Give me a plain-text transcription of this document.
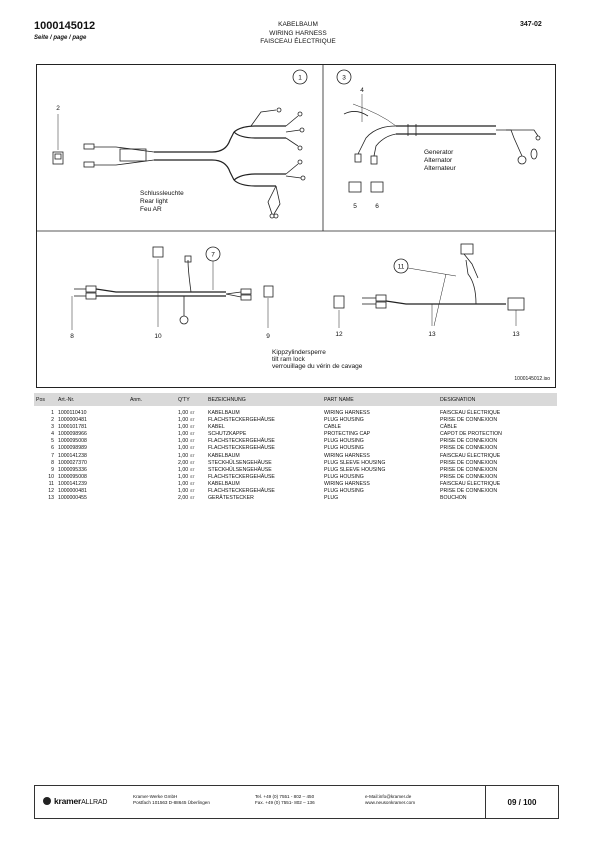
1000145012
Seite / page / page
KABELBAUM
WIRING HARNESS
FAISCEAU ÉLECTRIQUE
347-02
1
2
3
4
5	6
7
8	9
10
11
12	13	13
Schlussleuchte
Rear light
Feu AR
Generator
Alternator
Alternateur
Kippzylindersperre
tilt ram lock
verrouillage du vérin de cavage
1000145012.iso
Pos	Art.-Nr.	Anm.	Q'TY	BEZEICHNUNG	PART NAME	DESIGNATION

1	1000110410		1,00 ST	KABELBAUM	WIRING HARNESS	FAISCEAU ÉLECTRIQUE
2	1000000481		1,00 ST	FLACHSTECKERGEHÄUSE	PLUG HOUSING	PRISE DE CONNEXION
3	1000101781		1,00 ST	KABEL	CABLE	CÂBLE
4	1000098966		1,00 ST	SCHUTZKAPPE	PROTECTING CAP	CAPOT DE PROTECTION
5	1000095008		1,00 ST	FLACHSTECKERGEHÄUSE	PLUG HOUSING	PRISE DE CONNEXION
6	1000098989		1,00 ST	FLACHSTECKERGEHÄUSE	PLUG HOUSING	PRISE DE CONNEXION
7	1000141238		1,00 ST	KABELBAUM	WIRING HARNESS	FAISCEAU ÉLECTRIQUE
8	1000027370		2,00 ST	STECKHÜLSENGEHÄUSE	PLUG SLEEVE HOUSING	PRISE DE CONNEXION
9	1000095336		1,00 ST	STECKHÜLSENGEHÄUSE	PLUG SLEEVE HOUSING	PRISE DE CONNEXION
10	1000095008		1,00 ST	FLACHSTECKERGEHÄUSE	PLUG HOUSING	PRISE DE CONNEXION
11	1000141239		1,00 ST	KABELBAUM	WIRING HARNESS	FAISCEAU ÉLECTRIQUE
12	1000000481		1,00 ST	FLACHSTECKERGEHÄUSE	PLUG HOUSING	PRISE DE CONNEXION
13	1000000455		2,00 ST	GERÄTESTECKER	PLUG	BOUCHON
kramerALLRAD
Kramer-Werke GmbH
Postfach 101563 D-88645 Überlingen
Tel. +49 (0) 7551 - 802 – 450
Fax. +49 (0) 7551- 802 – 136
e-Mail:info@kramer.de
www.neusonkramer.com	09 / 100
